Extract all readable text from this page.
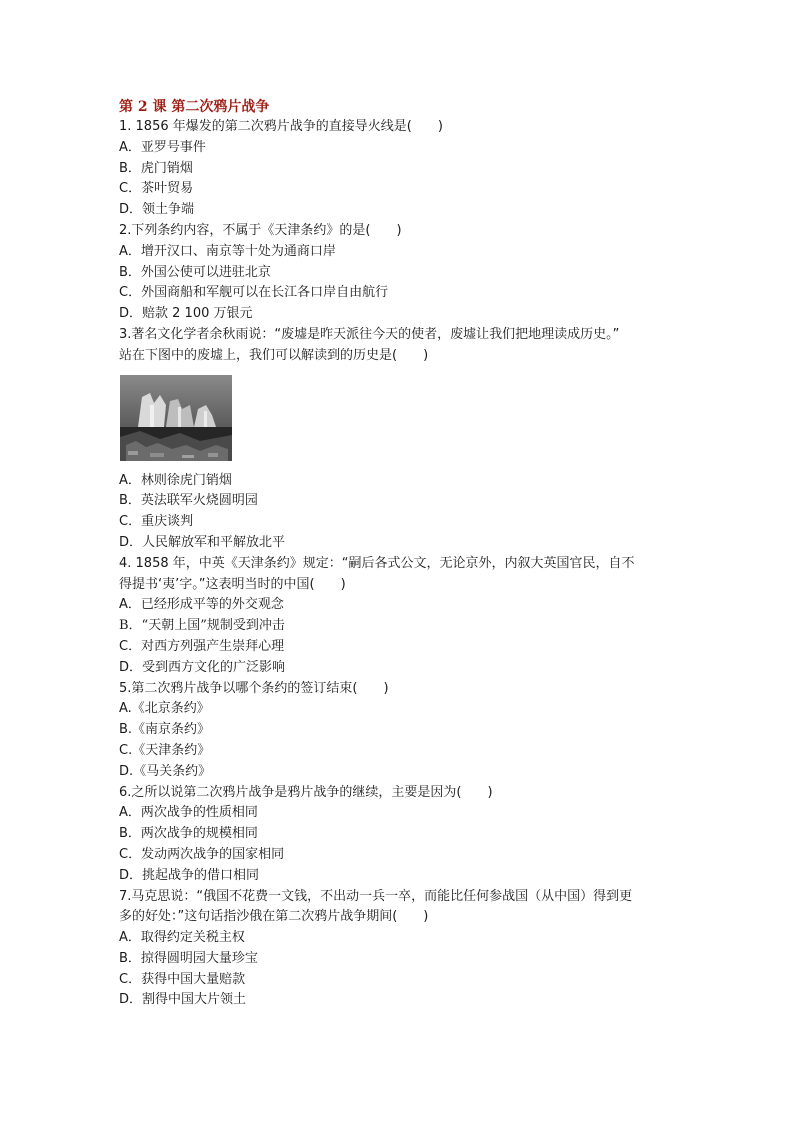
第 2 课 第二次鸦片战争
1. 1856 年爆发的第二次鸦片战争的直接导火线是(　　)
A．亚罗号事件
B．虎门销烟
C．茶叶贸易
D．领土争端
2.下列条约内容，不属于《天津条约》的是(　　)
A．增开汉口、南京等十处为通商口岸
B．外国公使可以进驻北京
C．外国商船和军舰可以在长江各口岸自由航行
D．赔款 2 100 万银元
3.著名文化学者余秋雨说：“废墟是昨天派往今天的使者，废墟让我们把地理读成历史。”
站在下图中的废墟上，我们可以解读到的历史是(　　)
A．林则徐虎门销烟
B．英法联军火烧圆明园
C．重庆谈判
D．人民解放军和平解放北平
4. 1858 年，中英《天津条约》规定：“嗣后各式公文，无论京外，内叙大英国官民，自不
得提书‘夷’字。”这表明当时的中国(　　)
A．已经形成平等的外交观念
B．“天朝上国”规制受到冲击
C．对西方列强产生崇拜心理
D．受到西方文化的广泛影响
5.第二次鸦片战争以哪个条约的签订结束(　　)
A.《北京条约》
B.《南京条约》
C.《天津条约》
D.《马关条约》
6.之所以说第二次鸦片战争是鸦片战争的继续，主要是因为(　　)
A．两次战争的性质相同
B．两次战争的规模相同
C．发动两次战争的国家相同
D．挑起战争的借口相同
7.马克思说：“俄国不花费一文钱，不出动一兵一卒，而能比任何参战国（从中国）得到更
多的好处：”这句话指沙俄在第二次鸦片战争期间(　　)
A．取得约定关税主权
B．掠得圆明园大量珍宝
C．获得中国大量赔款
D．割得中国大片领土
